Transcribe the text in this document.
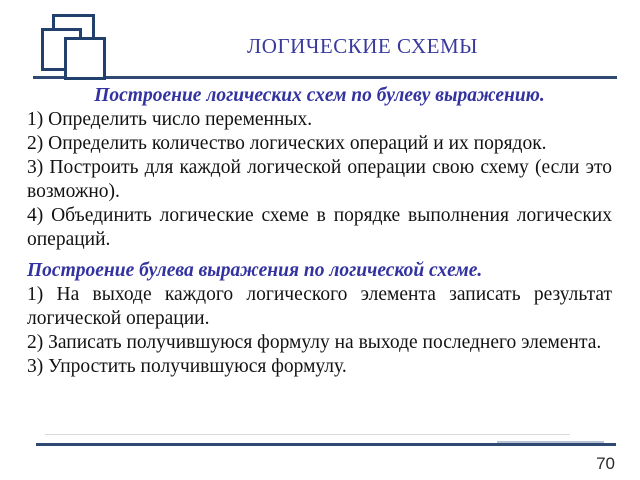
ЛОГИЧЕСКИЕ СХЕМЫ
Построение логических схем по булеву выражению.

1) Определить число переменных.

2) Определить количество логических операций и их порядок.

3) Построить для каждой логической операции свою схему (если это возможно).

4) Объединить логические схеме в порядке выполнения логических операций.

Построение булева выражения по логической схеме.

1) На выходе каждого логического элемента записать результат логической операции.

2) Записать получившуюся формулу на выходе последнего элемента.

3) Упростить получившуюся формулу.

70
